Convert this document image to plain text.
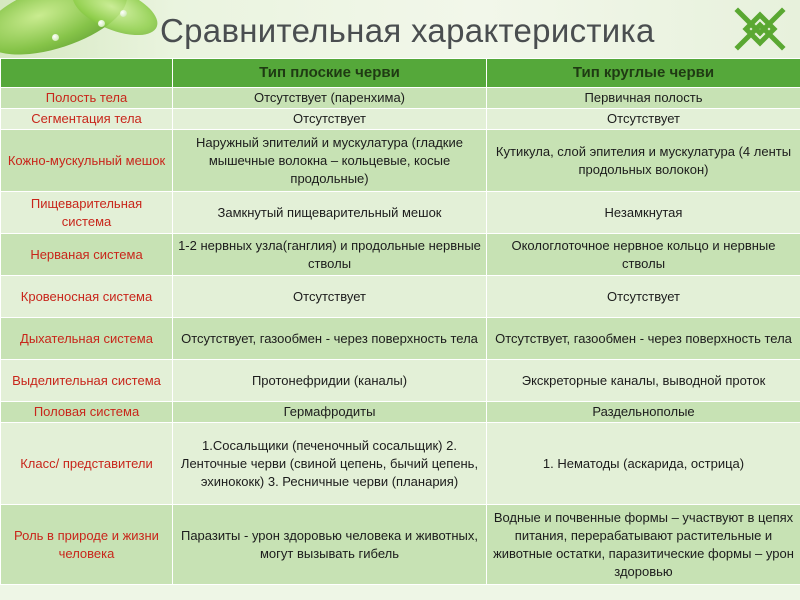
Сравнительная характеристика
	Тип плоские черви	Тип круглые черви
Полость тела	Отсутствует (паренхима)	Первичная полость
Сегментация тела	Отсутствует	Отсутствует
Кожно-мускульный мешок	Наружный эпителий и мускулатура (гладкие мышечные волокна – кольцевые, косые продольные)	Кутикула, слой эпителия и мускулатура (4 ленты продольных волокон)
Пищеварительная система	Замкнутый пищеварительный мешок	Незамкнутая
Нерваная система	1-2 нервных узла(ганглия) и продольные нервные стволы	Окологлоточное нервное кольцо и нервные стволы
Кровеносная система	Отсутствует	Отсутствует
Дыхательная система	Отсутствует, газообмен - через поверхность тела	Отсутствует, газообмен - через поверхность тела
Выделительная система	Протонефридии (каналы)	Экскреторные каналы, выводной проток
Половая система	Гермафродиты	Раздельнополые
Класс/ представители	1.Сосальщики (печеночный сосальщик) 2. Ленточные черви (свиной цепень, бычий цепень, эхинококк) 3. Ресничные черви (планария)	1. Нематоды (аскарида, острица)
Роль в природе и жизни человека	Паразиты - урон здоровью человека и животных, могут вызывать гибель	Водные и почвенные формы – участвуют в цепях питания, перерабатывают растительные и животные остатки, паразитические формы – урон здоровью
